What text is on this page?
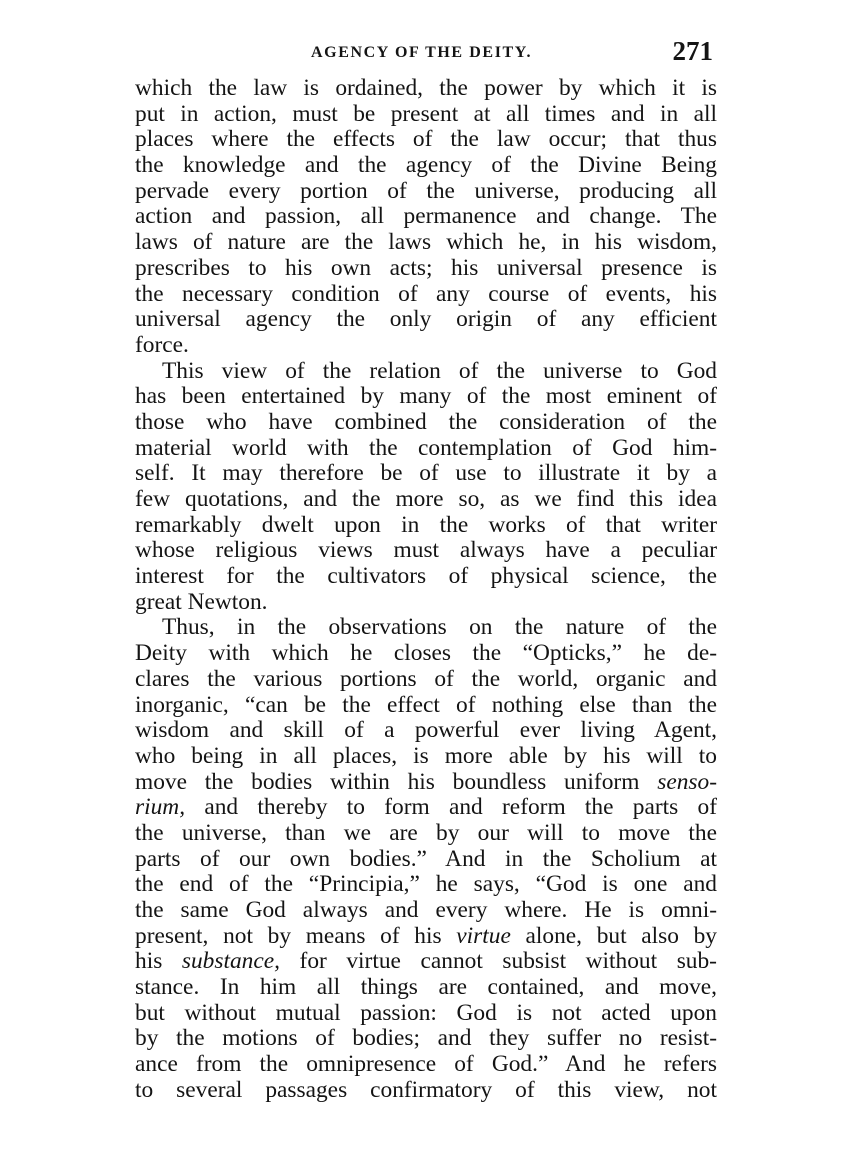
AGENCY OF THE DEITY.	271
which the law is ordained, the power by which it is
put in action, must be present at all times and in all
places where the effects of the law occur; that thus
the knowledge and the agency of the Divine Being
pervade every portion of the universe, producing all
action and passion, all permanence and change. The
laws of nature are the laws which he, in his wisdom,
prescribes to his own acts; his universal presence is
the necessary condition of any course of events, his
universal agency the only origin of any efficient
force.
This view of the relation of the universe to God
has been entertained by many of the most eminent of
those who have combined the consideration of the
material world with the contemplation of God him-
self. It may therefore be of use to illustrate it by a
few quotations, and the more so, as we find this idea
remarkably dwelt upon in the works of that writer
whose religious views must always have a peculiar
interest for the cultivators of physical science, the
great Newton.
Thus, in the observations on the nature of the
Deity with which he closes the “Opticks,” he de-
clares the various portions of the world, organic and
inorganic, “can be the effect of nothing else than the
wisdom and skill of a powerful ever living Agent,
who being in all places, is more able by his will to
move the bodies within his boundless uniform senso-
rium, and thereby to form and reform the parts of
the universe, than we are by our will to move the
parts of our own bodies.” And in the Scholium at
the end of the “Principia,” he says, “God is one and
the same God always and every where. He is omni-
present, not by means of his virtue alone, but also by
his substance, for virtue cannot subsist without sub-
stance. In him all things are contained, and move,
but without mutual passion: God is not acted upon
by the motions of bodies; and they suffer no resist-
ance from the omnipresence of God.” And he refers
to several passages confirmatory of this view, not
